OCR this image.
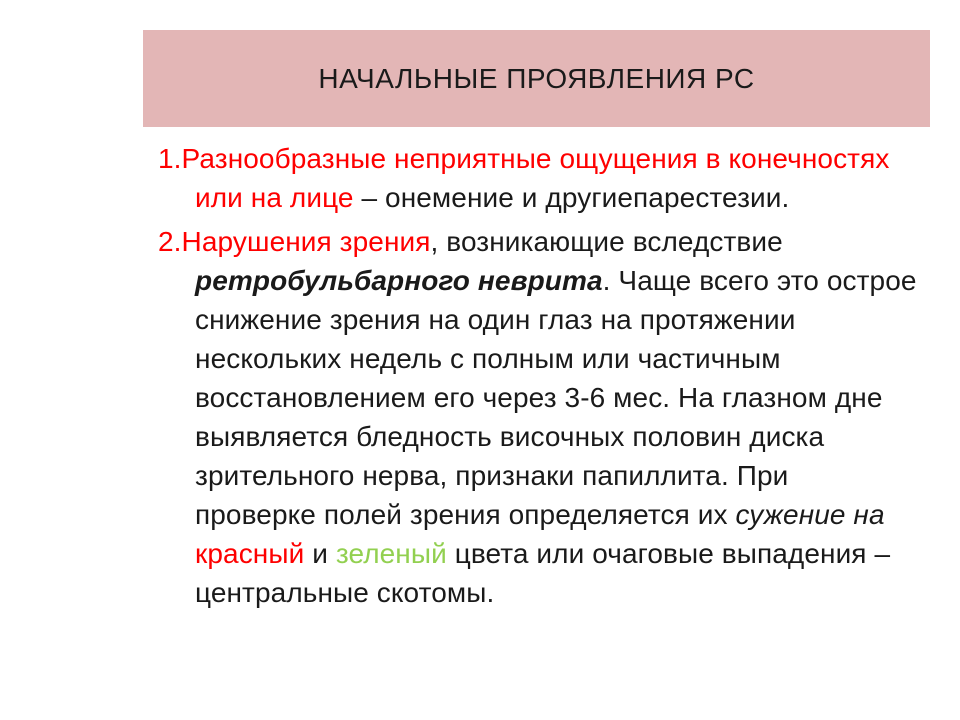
НАЧАЛЬНЫЕ ПРОЯВЛЕНИЯ РС
1.Разнообразные неприятные ощущения в конечностях
или на лице – онемение и другиепарестезии.
2.Нарушения зрения, возникающие вследствие
ретробульбарного неврита. Чаще всего это острое
снижение зрения на один глаз на протяжении
нескольких недель с полным или частичным
восстановлением его через 3-6 мес. На глазном дне
выявляется бледность височных половин диска
зрительного нерва, признаки папиллита. При
проверке полей зрения определяется их сужение на
красный и зеленый цвета или очаговые выпадения –
центральные скотомы.
